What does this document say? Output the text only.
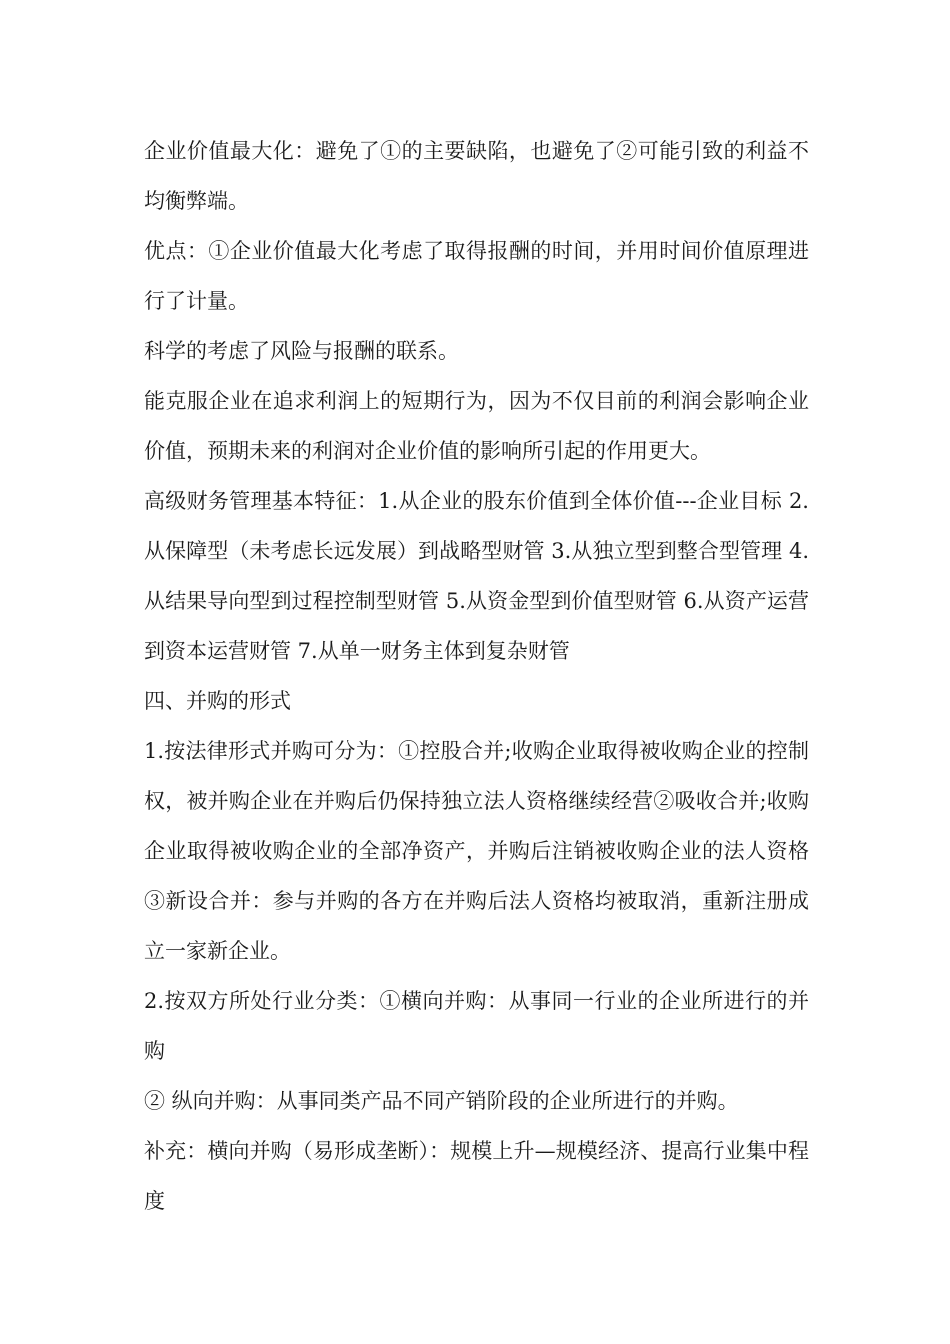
企业价值最大化：避免了①的主要缺陷，也避免了②可能引致的利益不均衡弊端。

优点：①企业价值最大化考虑了取得报酬的时间，并用时间价值原理进行了计量。

科学的考虑了风险与报酬的联系。

能克服企业在追求利润上的短期行为，因为不仅目前的利润会影响企业价值，预期未来的利润对企业价值的影响所引起的作用更大。

高级财务管理基本特征：1.从企业的股东价值到全体价值---企业目标 2.从保障型（未考虑长远发展）到战略型财管 3.从独立型到整合型管理 4.从结果导向型到过程控制型财管 5.从资金型到价值型财管 6.从资产运营到资本运营财管 7.从单一财务主体到复杂财管

四、并购的形式

1.按法律形式并购可分为：①控股合并;收购企业取得被收购企业的控制权，被并购企业在并购后仍保持独立法人资格继续经营②吸收合并;收购企业取得被收购企业的全部净资产，并购后注销被收购企业的法人资格③新设合并：参与并购的各方在并购后法人资格均被取消，重新注册成立一家新企业。

2.按双方所处行业分类：①横向并购：从事同一行业的企业所进行的并购

② 纵向并购：从事同类产品不同产销阶段的企业所进行的并购。

补充：横向并购（易形成垄断）：规模上升—规模经济、提高行业集中程度
